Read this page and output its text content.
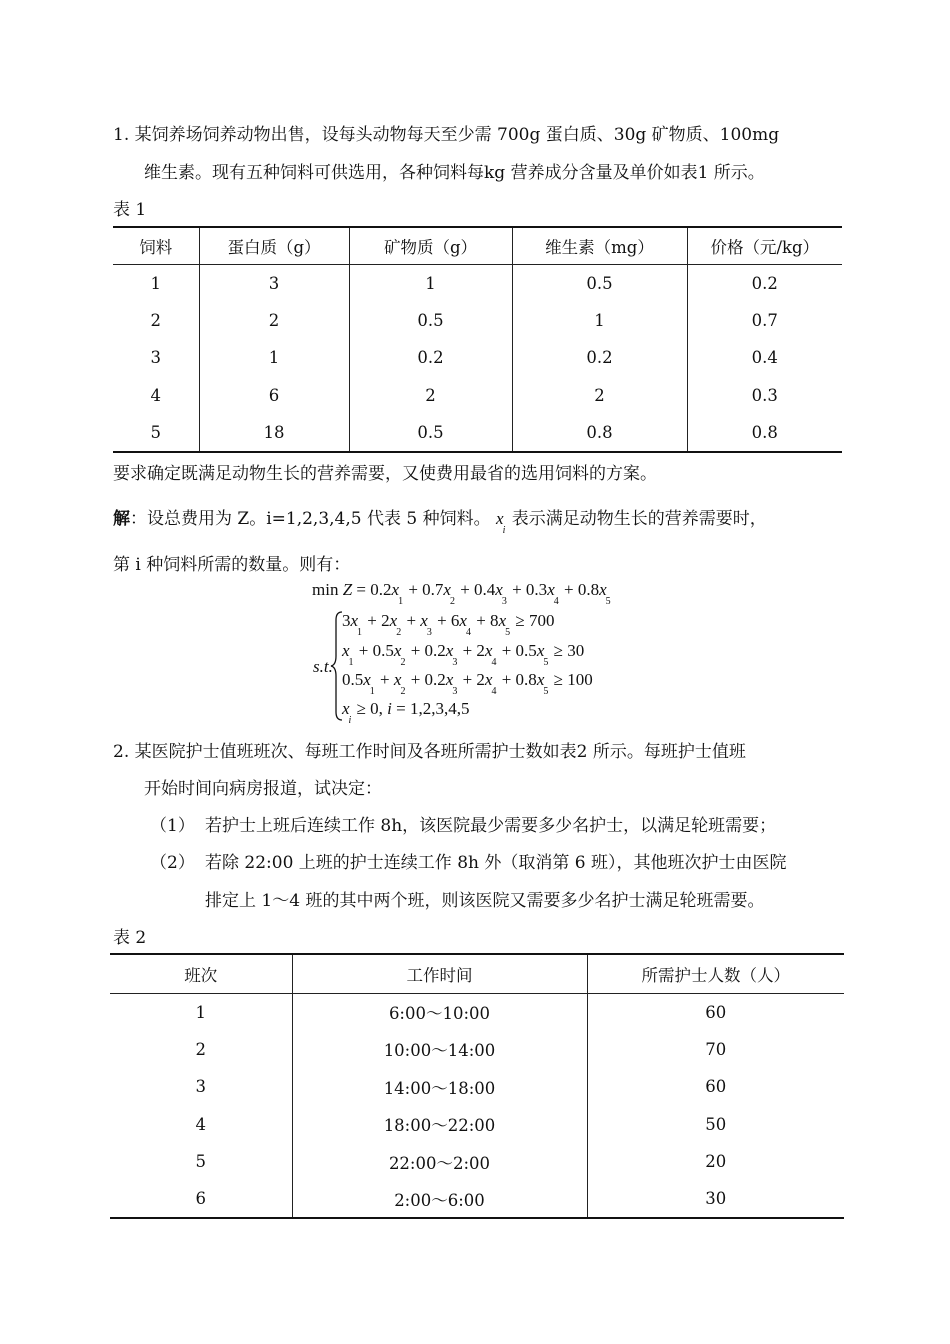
1. 某饲养场饲养动物出售，设每头动物每天至少需 700g 蛋白质、30g 矿物质、100mg
维生素。现有五种饲料可供选用，各种饲料每kg 营养成分含量及单价如表1 所示。
表 1
饲料	蛋白质（g）	矿物质（g）	维生素（mg）	价格（元/kg）
1	3	1	0.5	0.2
2	2	0.5	1	0.7
3	1	0.2	0.2	0.4
4	6	2	2	0.3
5	18	0.5	0.8	0.8
要求确定既满足动物生长的营养需要，又使费用最省的选用饲料的方案。
解：设总费用为 Z。i=1,2,3,4,5 代表 5 种饲料。 $x_i$ 表示满足动物生长的营养需要时，
第 i 种饲料所需的数量。则有：
$\min Z = 0.2x_1 + 0.7x_2 + 0.4x_3 + 0.3x_4 + 0.8x_5$
s.t.
$3x_1 + 2x_2 + x_3 + 6x_4 + 8x_5 \ge 700$
$x_1 + 0.5x_2 + 0.2x_3 + 2x_4 + 0.5x_5 \ge 30$
$0.5x_1 + x_2 + 0.2x_3 + 2x_4 + 0.8x_5 \ge 100$
$x_i \ge 0$, i = 1,2,3,4,5
2. 某医院护士值班班次、每班工作时间及各班所需护士数如表2 所示。每班护士值班
开始时间向病房报道，试决定：
（1） 若护士上班后连续工作 8h，该医院最少需要多少名护士，以满足轮班需要；
（2） 若除 22:00 上班的护士连续工作 8h 外（取消第 6 班），其他班次护士由医院
排定上 1～4 班的其中两个班，则该医院又需要多少名护士满足轮班需要。
表 2
班次	工作时间	所需护士人数（人）
1	6:00～10:00	60
2	10:00～14:00	70
3	14:00～18:00	60
4	18:00～22:00	50
5	22:00～2:00	20
6	2:00～6:00	30
